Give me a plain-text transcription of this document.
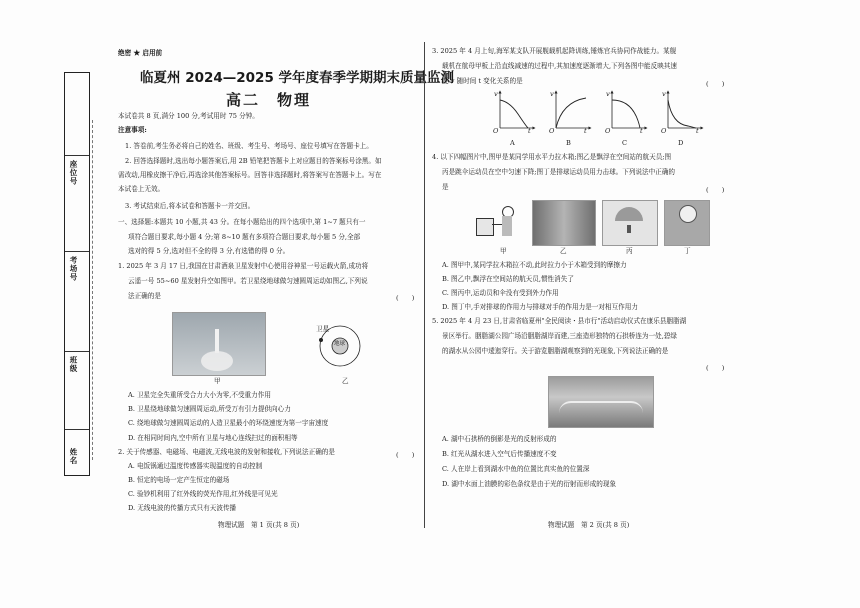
座位号
考场号
班级
姓名
绝密 ★ 启用前
临夏州 2024—2025 学年度春季学期期末质量监测
高二　物理
本试卷共 8 页,满分 100 分,考试用时 75 分钟。
注意事项:
1. 答卷前,考生务必将自己的姓名、班级、考生号、考场号、座位号填写在答题卡上。
2. 回答选择题时,选出每小题答案后,用 2B 铅笔把答题卡上对应题目的答案标号涂黑。如
需改动,用橡皮擦干净后,再选涂其他答案标号。回答非选择题时,将答案写在答题卡上。写在
本试卷上无效。
3. 考试结束后,将本试卷和答题卡一并交回。
一、选择题:本题共 10 小题,共 43 分。在每小题给出的四个选项中,第 1~7 题只有一
项符合题目要求,每小题 4 分;第 8~10 题有多项符合题目要求,每小题 5 分,全部
选对的得 5 分,选对但不全的得 3 分,有选错的得 0 分。
1. 2025 年 3 月 17 日,我国在甘肃酒泉卫星发射中心使用谷神星一号运载火箭,成功将
云遥一号 55~60 星发射升空如图甲。若卫星绕地球做匀速圆周运动如图乙,下列说
法正确的是	(　　)
甲
卫星
地球
乙
A. 卫星完全失重所受合力大小为零,不受重力作用
B. 卫星绕地球做匀速圆周运动,所受万有引力提供向心力
C. 绕地球做匀速圆周运动的人造卫星最小的环绕速度为第一宇宙速度
D. 在相同时间内,空中所有卫星与地心连线扫过的面积相等
2. 关于传感器、电磁场、电磁波,无线电波的发射和接收,下列说法正确的是	(　　)
A. 电饭锅通过温度传感器实现温度的自动控制
B. 恒定的电场一定产生恒定的磁场
C. 验钞机利用了红外线的荧光作用,红外线是可见光
D. 无线电波的传播方式只有天波传播
物理试题　第 1 页(共 8 页)
3. 2025 年 4 月上旬,海军某支队开展舰载机起降训练,锤炼官兵协同作战能力。某舰
载机在航母甲板上沿直线减速的过程中,其加速度逐渐增大,下列各图中能反映其速
度 v 随时间 t 变化关系的是	(　　)
v	v	v	v
O	t	O	t	O	t	O	t
A	B	C	D
4. 以下四幅图片中,图甲是某同学用水平力拉木箱;图乙是飘浮在空间站的航天员;图
丙是跳伞运动员在空中匀速下降;图丁是排球运动员用力击球。下列说法中正确的
是	(　　)
甲	乙	丙	丁
A. 图甲中,某同学拉木箱拉不动,此时拉力小于木箱受到的摩擦力
B. 图乙中,飘浮在空间站的航天员,惯性消失了
C. 图丙中,运动员和伞没有受到外力作用
D. 图丁中,手对排球的作用力与排球对手的作用力是一对相互作用力
5. 2025 年 4 月 23 日,甘肃省临夏州"全民阅读・县市行"活动启动仪式在康乐县胭脂湖
景区举行。胭脂湖公园广场沿胭脂湖岸而建,三座造形独特的石拱桥连为一处,碧绿
的湖水从公园中逶迤穿行。关于游览胭脂湖观察到的光现象,下列说法正确的是
(　　)
A. 湖中石拱桥的倒影是光的反射形成的
B. 红光从湖水进入空气后传播速度不变
C. 人在岸上看到湖水中鱼的位置比真实鱼的位置深
D. 湖中水面上油膜的彩色条纹是由于光的衍射而形成的现象
物理试题　第 2 页(共 8 页)
